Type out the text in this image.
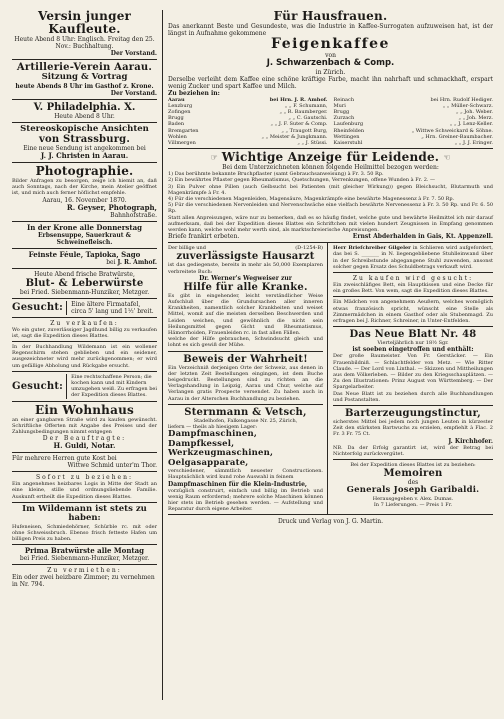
Versin junger Kaufleute.
Heute Abend 8 Uhr: Englisch. Freitag den 25. Nov.: Buchhaltung.
Der Vorstand.
Artillerie-Verein Aarau.
Sitzung & Vortrag
heute Abends 8 Uhr im Gasthof z. Krone.
Der Vorstand.
V. Philadelphia. X.
Heute Abend 8 Uhr.
Stereoskopische Ansichten
von Strassburg.
Eine neue Sendung ist angekommen bei
J. J. Christen in Aarau.
Photographie.
Bilder Anfragen zu besorgen, zeige ich hiemit an, daß auch Sonntags, nach der Kirche, mein Atelier geöffnet ist, und mich auch ferner höflichst empfehle.
Aarau, 16. November 1870.
R. Geyser, Photograph,
Bahnhofstraße.
In der Krone alle Donnerstag
Erbsensuppe, Sauerkraut & Schweinefleisch.
Feinste Féule, Tapioka, Sago
bei J. R. Amhof.
Heute Abend frische Bratwürste,
Blut- & Leberwürste
bei Fried. Siebenmann-Hunziker, Metzger.
Gesucht:	Eine ältere Firmatafel, circa 5' lang und 1½' breit.
Zu verkaufen:
Wo ein guter, zuverlässiger Jagdhund billig zu verkaufen ist, sagt die Expedition dieses Blattes.
In der Buchhandlung Wildemann ist ein wollener Regenschirm stehen geblieben und ein seidener, ausgezeichneter wird mehr zurückgenommen; er wird um gefällige Abholung und Rückgabe ersucht.
Gesucht:
Eine rechtschaffene Person; die kochen kann und mit Kindern umzugehen weiß. Zu erfragen bei der Expedition dieses Blattes.
Ein Wohnhaus
an einer gangbaren Straße wird zu kaufen gewünscht. Schriftliche Offerten mit Angabe des Preises und der Zahlungsbedingungen nimmt entgegen
Der Beauftragte:
H. Guldi, Notar.
Für mehrere Herren gute Kost bei
Wittwe Schmid unter'm Thor.
Sofort zu beziehen:
Ein angenehmes heizbares Logis in Mitte der Stadt an eine kleine, stille und ordnungsliebende Familie. Auskunft ertheilt die Expedition dieses Blattes.
Im Wildemann ist stets zu haben:
Hufeneisen, Schmiedehörner, Schürble rc. mit oder ohne Schweissbruch. Ebenso frisch fetteste Hafen um billigen Preis zu haben.
Prima Bratwürste alle Montag
bei Fried. Siebenmann-Hunziker, Metzger.
Zu vermiethen:
Ein oder zwei heizbare Zimmer; zu vernehmen in Nr. 794.
Für Hausfrauen.
Das anerkannt Beste und Gesundeste, was die Industrie in Kaffee-Surrogaten aufzuweisen hat, ist der längst in Aufnahme gekommene
Feigenkaffee
von
J. Schwarzenbach & Comp.
in Zürich.
Derselbe verleiht dem Kaffee eine schöne kräftige Farbe, macht ihn nahrhaft und schmackhaft, erspart wenig Zucker und spart Kaffee und Milch.
Zu beziehen in:
Aarau	bei Hrn. J. R. Amhof. Reinach	bei Hrn. Rudolf Hediger.
Lenzburg	„ „ F. Schumann, Muri	„ „ Müller-Schwarz.
Zofingen	„ „ R. Baumberger. Brugg	„ „ Joh. Weber.
Brugg	„ „ C. Gautschi. Zurzach	„ „ Joh. Merz.
Baden	„ „ J. F. Suter & Comp. Laufenburg	„ „ J. Lenz-Keller.
Bremgarten	„ „ Traugott Burg, Rheinfelden	„ Wittwe Schweickard & Söhne.
Wohlen	„ „ Meister & Jungkmann. Wettingen	„ Hrn. Greiner-Baumbacher.
Villmergen	„ „ J. Stüssi. Kaiserstuhl	„ „ J. J. Eringer.
☞ Wichtige Anzeige für Leidende. ☜
Bei dem Unterzeichneten können folgende Heilmittel bezogen werden:
1) Das berühmte bekannte Bruchpflaster (samt Gebrauchsanweisung) à Fr. 3. 50 Rp.
2) Ein bewährtes Pflaster gegen Rheumatismus, Quetschungen, Verrenkungen, offene Wunden à Fr. 2. —
3) Ein Pulver ohne Pillen (auch Gelbsucht bei Patienten (mit gleicher Wirkung)) gegen Bleichsucht, Blutarmuth und Magenkrämpfe à Fr. 4.
4) Für die verschiedenen Magenleiden, Magensäure, Magenkrämpfe eine bewährte Magenessenz à Fr. 7. 50 Rp.
5) Für die verschiedenen Nervenleiden und Nervenschwäche eine vielfach bewährte Nervenessenz à Fr. 3. 50 Rp. und Fr. 6. 50 Rp.
Statt allen Anpreisungen, wäre nur zu bemerken, daß es so häufig findet, welche gute und bewährte Heilmittel ich mir darauf aufmerksam, daß bei der Expedition dieses Blattes ein Schriftchen mit vielen hundert Zeugnissen in Empfang genommen werden kann, welche wohl mehr werth sind, als marktschreierische Anpreisungen.
Briefe frankirt erbeten.	Ernst Abderhalden in Gais, Kt. Appenzell.
Der billige und	(D-1254-B)
zuverlässigste Hausarzt
ist das gediegenste, bereits in mehr als 50,000 Exemplaren verbreitete Buch:
Dr. Werner's Wegweiser zur
Hilfe für alle Kranke.
Es gibt in eingehender, leicht verständlicher Weise Aufschluß über die Grundursachen aller inneren Krankheiten, namentlich solcher Krankheiten und weiset Mittel, womit auf die meisten derselben Beschwerden und Leiden weichen, und gewöhnlich die nicht sein Heilungsmittel gegen Gicht und Rheumatismus, Hämorrhoiden, Frauenleiden rc. in fast allen Fällen.
welche der Hilfe gebrauchen, Schwindsucht gleich und lohnt es sich gewiß der Mühe.
Beweis der Wahrheit!
Ein Verzeichniß derjenigen Orte der Schweiz, aus denen in der letzten Zeit Bestellungen eingingen, ist dem Buche beigedruckt. Bestellungen sind zu richten an die Verlagshandlung in Leipzig, Aarau und Chur, welche auf Verlangen gratis Prospecte versendet. Zu haben auch in Aarau in der Alterschen Buchhandlung zu beziehen.
Sternmann & Vetsch,
Stadelhofen, Falkengasse Nr. 25, Zürich,
liefern — theils ab hiesigem Lager:
Dampfmaschinen,
Dampfkessel,
Werkzeugmaschinen,
Oelgasapparate,
verschiedener, sämmtlich neuester Constructionen. Hauptsächlich wird kund rohe Auswahl in feinem
Dampfmaschinen für die Klein-Industrie,
vorzüglich construirt, einfach und billig im Betrieb und wenig Raum erfordernd; mehrere solche Maschinen können hier stets im Betrieb gesehen werden. — Aufstellung und Reparatur durch eigene Arbeiter.
Herr Briefchreiber Gilgeler in Schlieren wird aufgefordert, das bei S. _______ in N. liegengebliebene Stuhlleinwand über in der Schreibstunde abgegangene Stuhl zuwenden, ansonst solcher gegen Ersatz des Schuldbetrags verkauft wird.
Zu kaufen wird gesucht:
Ein zweischläfiges Bett, ein Hauptkissen und eine Decke für ein großes Bett. Von wem, sagt die Expedition dieses Blattes.
Ein Mädchen von angenehmem Aeußern, welches womöglich etwas französisch spricht, wünscht eine Stelle als Zimmermädchen in einem Gasthof oder als Stubenmagd. Zu erfragen bei J. Richner, Schreiner, in Unter-Entfelden.
Das Neue Blatt Nr. 48
Vierteljährlich nur 18½ Sgr.
ist soeben eingetroffen und enthält:
Der große Baumeister. Von Fr. Gerstäcker. — Ein Frauenbildniß. — Schlachtfelder von Metz. — Wie Ritter Claude. — Der Lord von Linthal. — Skizzen und Mittheilungen aus dem Völkerleben. — Bilder zu den Kriegsschauplätzen. — Zu den Illustrationen: Prinz August von Württemberg. — Der Spargelarbeiter.
Das Neue Blatt ist zu beziehen durch alle Buchhandlungen und Postanstalten.
Barterzeugungstinctur,
sicherstes Mittel bei jedem noch jungen Leuten in kürzester Zeit den stärksten Bartwuchs zu erzielen, empfiehlt à Flac. 2 Fr. 3 Fr. 75 Ct.
J. Kirchhofer.
NB. Da der Erfolg garantirt ist, wird der Betrag bei Nichterfolg zurückvergütet.
Bei der Expedition dieses Blattes ist zu beziehen:
Memoiren
des
Generals Joseph Garibaldi.
Herausgegeben v. Alex. Dumas.
In 7 Lieferungen. — Preis 1 Fr.
Druck und Verlag von J. G. Martin.
